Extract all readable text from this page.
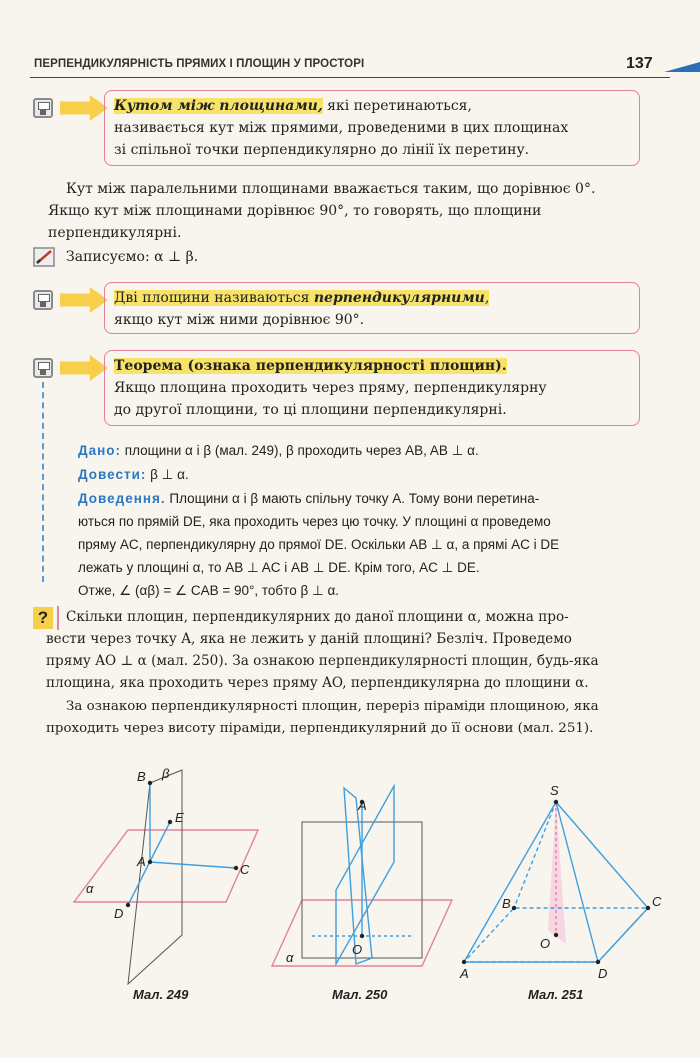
ПЕРПЕНДИКУЛЯРНІСТЬ ПРЯМИХ І ПЛОЩИН У ПРОСТОРІ	137
Кутом між площинами, які перетинаються,
називається кут між прямими, проведеними в цих площинах
зі спільної точки перпендикулярно до лінії їх перетину.
Кут між паралельними площинами вважається таким, що дорівнює 0°.
Якщо кут між площинами дорівнює 90°, то говорять, що площини
перпендикулярні.
Записуємо: α ⊥ β.
Дві площини називаються перпендикулярними,
якщо кут між ними дорівнює 90°.
Теорема (ознака перпендикулярності площин).
Якщо площина проходить через пряму, перпендикулярну
до другої площини, то ці площини перпендикулярні.
Дано: площини α і β (мал. 249), β проходить через AB, AB ⊥ α.
Довести: β ⊥ α.
Доведення. Площини α і β мають спільну точку A. Тому вони перетина-
ються по прямій DE, яка проходить через цю точку. У площині α проведемо
пряму AC, перпендикулярну до прямої DE. Оскільки AB ⊥ α, а прямі AC і DE
лежать у площині α, то AB ⊥ AC і AB ⊥ DE. Крім того, AC ⊥ DE.
Отже, ∠ (αβ) = ∠ CAB = 90°, тобто β ⊥ α.
?	Скільки площин, перпендикулярних до даної площини α, можна про-
вести через точку A, яка не лежить у даній площині? Безліч. Проведемо
пряму AO ⊥ α (мал. 250). За ознакою перпендикулярності площин, будь-яка
площина, яка проходить через пряму AO, перпендикулярна до площини α.
За ознакою перпендикулярності площин, переріз піраміди площиною, яка
проходить через висоту піраміди, перпендикулярний до її основи (мал. 251).
B β
E
A
C
α
D
A
O
α
S
B	C
O
A	D
Мал. 249	Мал. 250	Мал. 251
